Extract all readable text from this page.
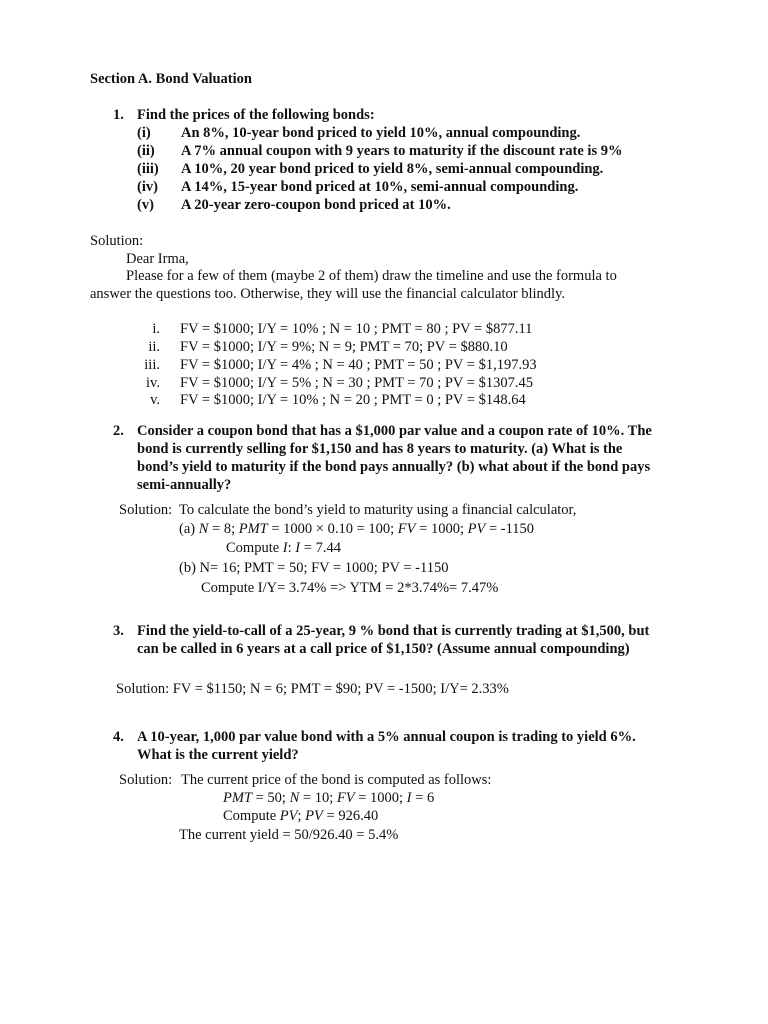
Section A. Bond Valuation
1. Find the prices of the following bonds:
(i) An 8%, 10-year bond priced to yield 10%, annual compounding.
(ii) A 7% annual coupon with 9 years to maturity if the discount rate is 9%
(iii) A 10%, 20 year bond priced to yield 8%, semi-annual compounding.
(iv) A 14%, 15-year bond priced at 10%, semi-annual compounding.
(v) A 20-year zero-coupon bond priced at 10%.
Solution:
Dear Irma,
Please for a few of them (maybe 2 of them) draw the timeline and use the formula to
answer the questions too. Otherwise, they will use the financial calculator blindly.
i. FV = $1000; I/Y = 10% ; N = 10 ; PMT = 80 ; PV = $877.11
ii. FV = $1000; I/Y = 9%; N = 9; PMT = 70; PV = $880.10
iii. FV = $1000; I/Y = 4% ; N = 40 ; PMT = 50 ; PV = $1,197.93
iv. FV = $1000; I/Y = 5% ; N = 30 ; PMT = 70 ; PV = $1307.45
v. FV = $1000; I/Y = 10% ; N = 20 ; PMT = 0 ; PV = $148.64
2. Consider a coupon bond that has a $1,000 par value and a coupon rate of 10%. The
bond is currently selling for $1,150 and has 8 years to maturity. (a) What is the
bond’s yield to maturity if the bond pays annually? (b) what about if the bond pays
semi-annually?
Solution: To calculate the bond’s yield to maturity using a financial calculator,
(a) N = 8; PMT = 1000 × 0.10 = 100; FV = 1000; PV = -1150
Compute I: I = 7.44
(b) N= 16; PMT = 50; FV = 1000; PV = -1150
Compute I/Y= 3.74% => YTM = 2*3.74%= 7.47%
3. Find the yield-to-call of a 25-year, 9 % bond that is currently trading at $1,500, but
can be called in 6 years at a call price of $1,150? (Assume annual compounding)
Solution: FV = $1150; N = 6; PMT = $90; PV = -1500; I/Y= 2.33%
4. A 10-year, 1,000 par value bond with a 5% annual coupon is trading to yield 6%.
What is the current yield?
Solution: The current price of the bond is computed as follows:
PMT = 50; N = 10; FV = 1000; I = 6
Compute PV; PV = 926.40
The current yield = 50/926.40 = 5.4%
